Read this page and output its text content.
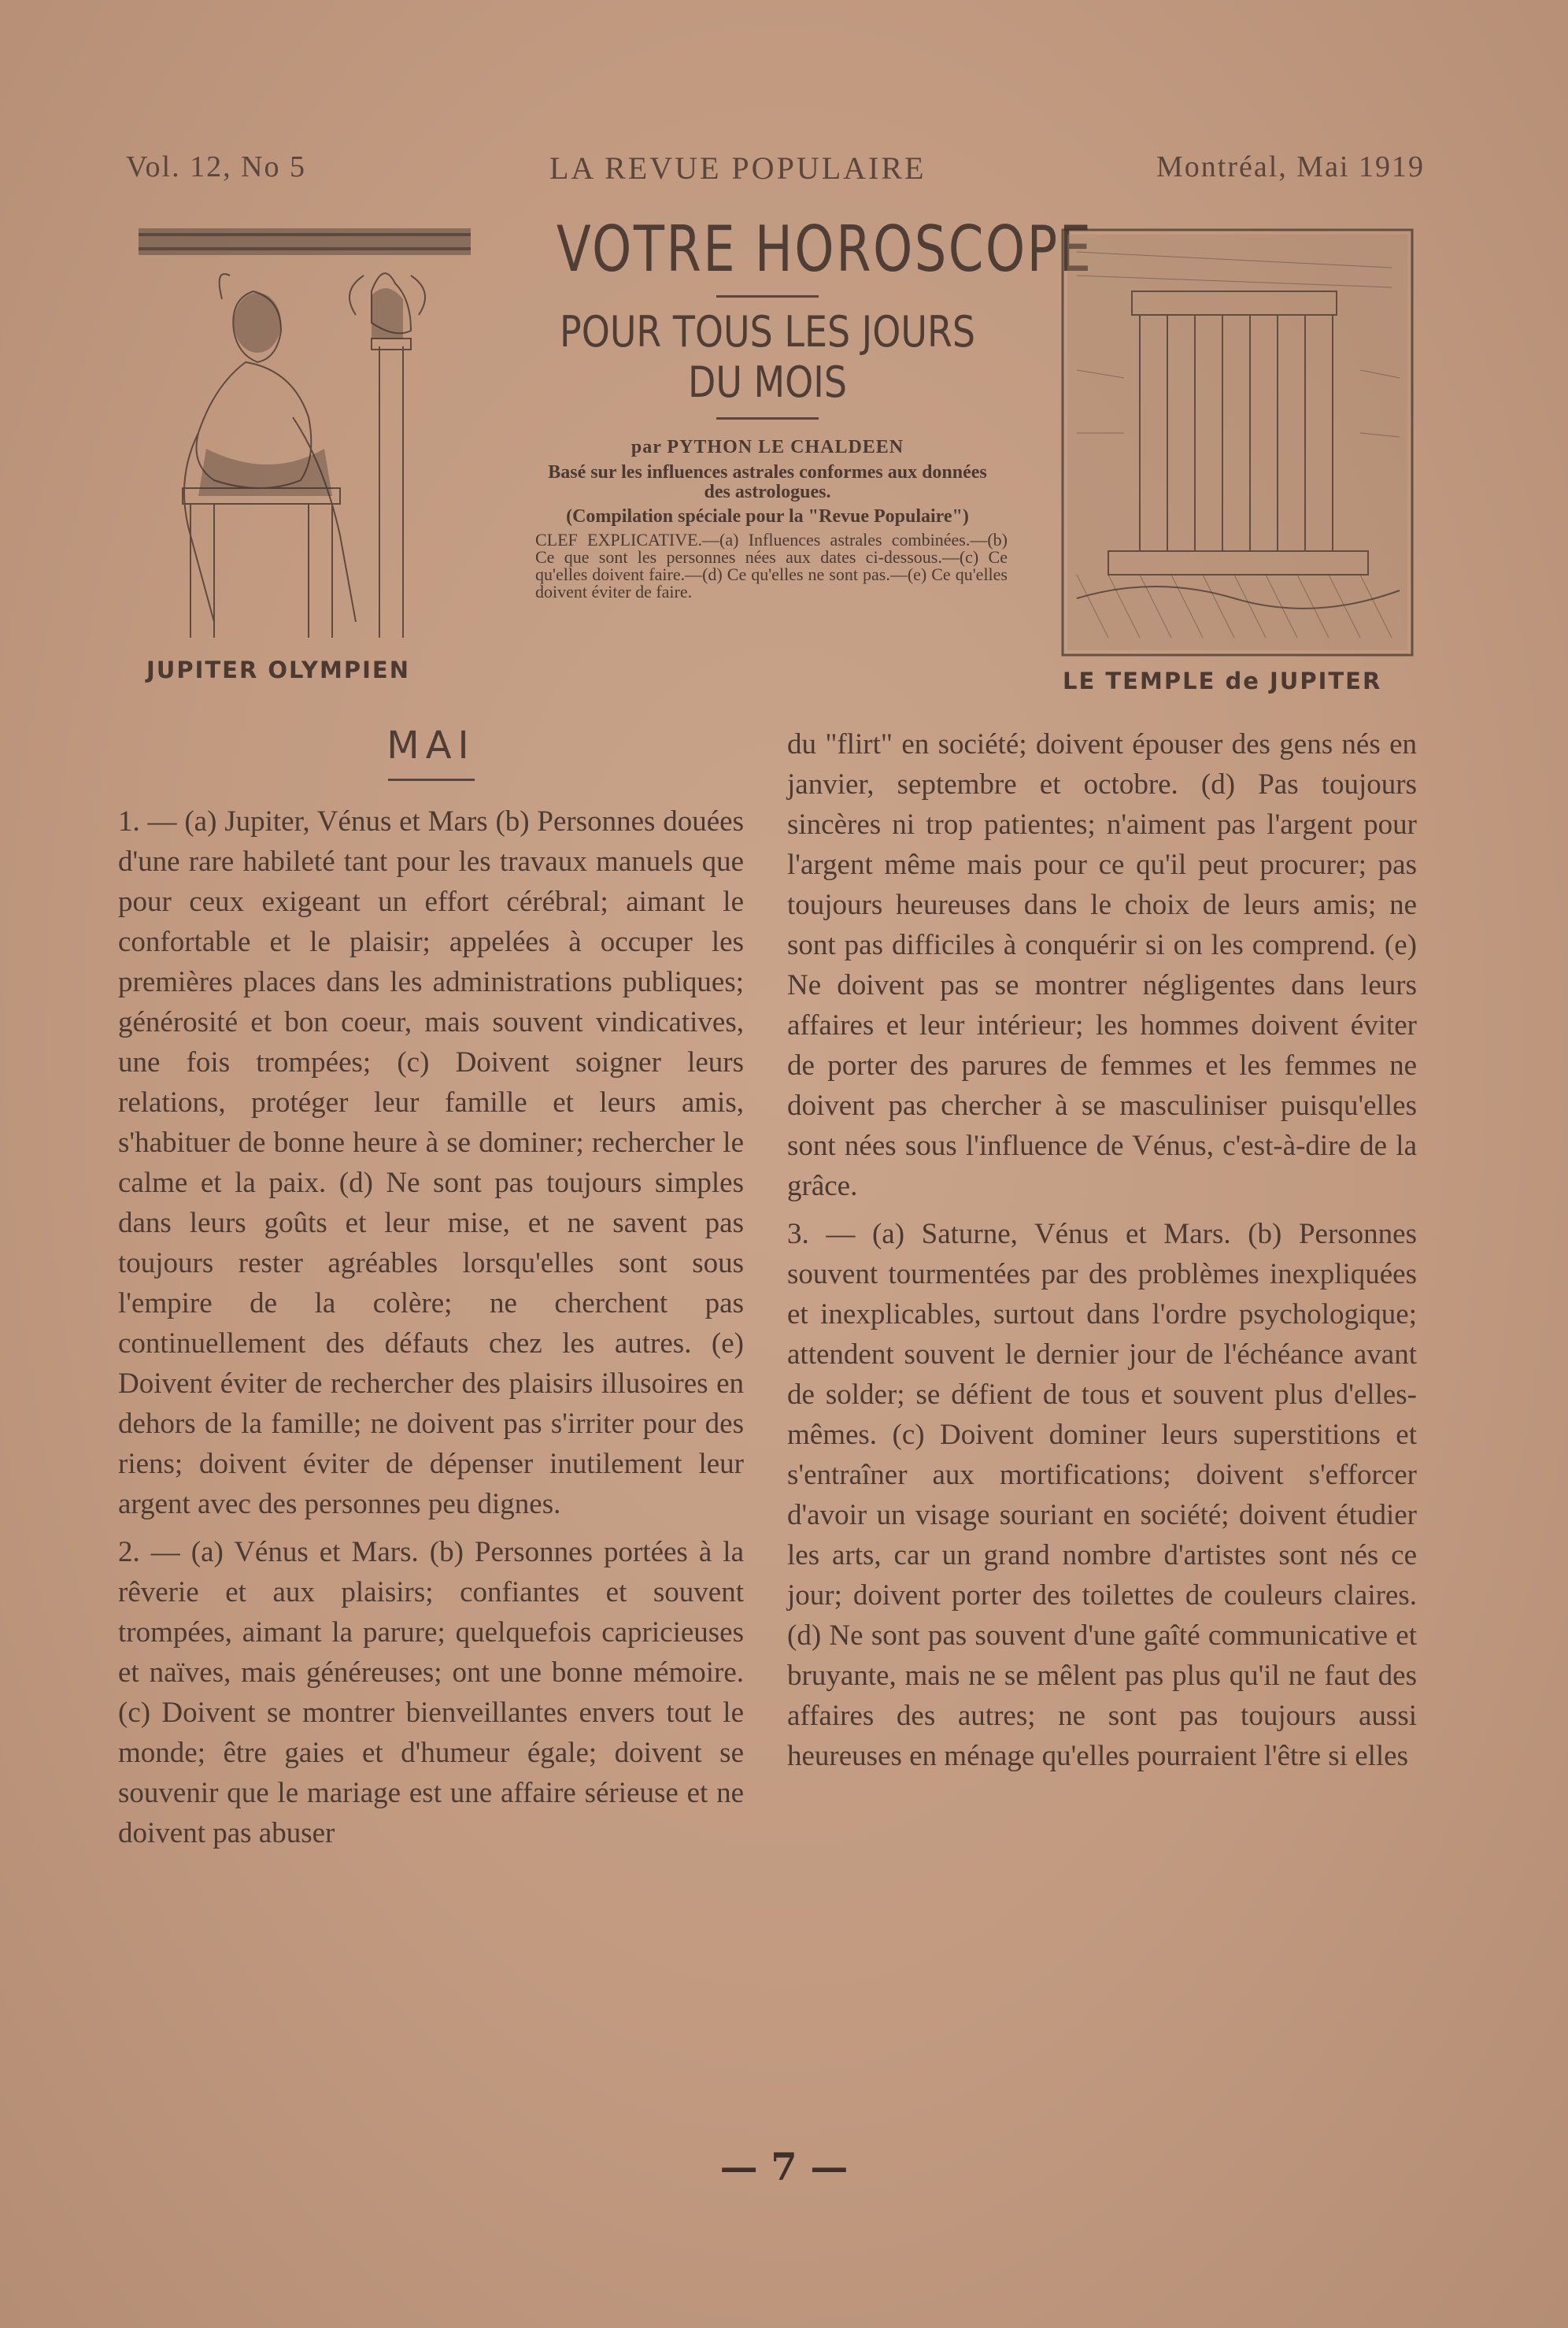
Vol. 12, No 5	LA REVUE POPULAIRE	Montréal, Mai 1919
JUPITER OLYMPIEN
VOTRE HOROSCOPE
POUR TOUS LES JOURS
DU MOIS
par PYTHON LE CHALDEEN
Basé sur les influences astrales conformes aux données des astrologues.
(Compilation spéciale pour la "Revue Populaire")
CLEF EXPLICATIVE.—(a) Influences astrales combinées.—(b) Ce que sont les personnes nées aux dates ci-dessous.—(c) Ce qu'elles doivent faire.—(d) Ce qu'elles ne sont pas.—(e) Ce qu'elles doivent éviter de faire.
LE TEMPLE de JUPITER
MAI
1. — (a) Jupiter, Vénus et Mars (b) Personnes douées d'une rare habileté tant pour les travaux manuels que pour ceux exigeant un effort cérébral; aimant le confortable et le plaisir; appelées à occuper les premières places dans les administrations publiques; générosité et bon coeur, mais souvent vindicatives, une fois trompées; (c) Doivent soigner leurs relations, protéger leur famille et leurs amis, s'habituer de bonne heure à se dominer; rechercher le calme et la paix. (d) Ne sont pas toujours simples dans leurs goûts et leur mise, et ne savent pas toujours rester agréables lorsqu'elles sont sous l'empire de la colère; ne cherchent pas continuellement des défauts chez les autres. (e) Doivent éviter de rechercher des plaisirs illusoires en dehors de la famille; ne doivent pas s'irriter pour des riens; doivent éviter de dépenser inutilement leur argent avec des personnes peu dignes.
2. — (a) Vénus et Mars. (b) Personnes portées à la rêverie et aux plaisirs; confiantes et souvent trompées, aimant la parure; quelquefois capricieuses et naïves, mais généreuses; ont une bonne mémoire. (c) Doivent se montrer bienveillantes envers tout le monde; être gaies et d'humeur égale; doivent se souvenir que le mariage est une affaire sérieuse et ne doivent pas abuser
du "flirt" en société; doivent épouser des gens nés en janvier, septembre et octobre. (d) Pas toujours sincères ni trop patientes; n'aiment pas l'argent pour l'argent même mais pour ce qu'il peut procurer; pas toujours heureuses dans le choix de leurs amis; ne sont pas difficiles à conquérir si on les comprend. (e) Ne doivent pas se montrer négligentes dans leurs affaires et leur intérieur; les hommes doivent éviter de porter des parures de femmes et les femmes ne doivent pas chercher à se masculiniser puisqu'elles sont nées sous l'influence de Vénus, c'est-à-dire de la grâce.
3. — (a) Saturne, Vénus et Mars. (b) Personnes souvent tourmentées par des problèmes inexpliquées et inexplicables, surtout dans l'ordre psychologique; attendent souvent le dernier jour de l'échéance avant de solder; se défient de tous et souvent plus d'elles-mêmes. (c) Doivent dominer leurs superstitions et s'entraîner aux mortifications; doivent s'efforcer d'avoir un visage souriant en société; doivent étudier les arts, car un grand nombre d'artistes sont nés ce jour; doivent porter des toilettes de couleurs claires. (d) Ne sont pas souvent d'une gaîté communicative et bruyante, mais ne se mêlent pas plus qu'il ne faut des affaires des autres; ne sont pas toujours aussi heureuses en ménage qu'elles pourraient l'être si elles
— 7 —
